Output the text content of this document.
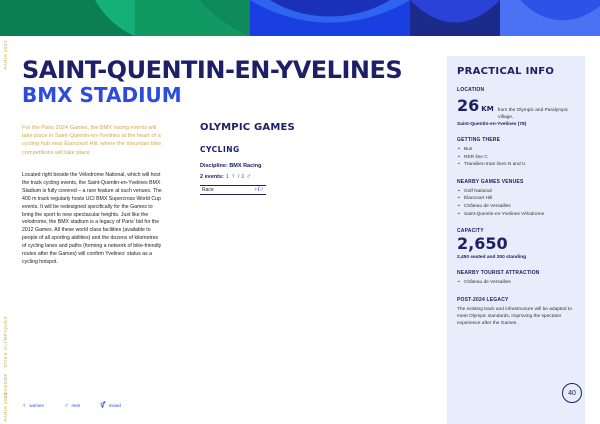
PARIS 2024
LÉGENDE · SITES OLYMPIQUES
PARIS 2024
SAINT-QUENTIN-EN-YVELINES
BMX STADIUM

For the Paris 2024 Games, the BMX racing events will take place in Saint-Quentin-en-Yvelines at the heart of a cycling hub near Élancourt Hill, where the mountain bike competitions will take place.

Located right beside the Vélodrome National, which will host the track cycling events, the Saint-Quentin-en-Yvelines BMX Stadium is fully covered – a rare feature at such venues. The 400 m track regularly hosts UCI BMX Supercross World Cup events. It will be redesigned specifically for the Games to bring the sport to new spectacular heights. Just like the velodrome, the BMX stadium is a legacy of Paris' bid for the 2012 Games. All these world class facilities (available to people of all sporting abilities) and the dozens of kilometres of cycling lanes and paths (forming a network of bike-friendly routes after the Games) will confirm Yvelines' status as a cycling hotspot.

OLYMPIC GAMES
CYCLING
Discipline: BMX Racing
2 events: 1 ♀ / 1 ♂
Race	♀/♂
♀ women	♂ men	⚥ mixed
PRACTICAL INFO
LOCATION
26 KM from the Olympic and Paralympic Village,
Saint-Quentin-en-Yvelines (78)
GETTING THERE
• Bus
• RER line C
• Transilien train lines N and U
NEARBY GAMES VENUES
• Golf National
• Élancourt Hill
• Château de Versailles
• Saint-Quentin-en-Yvelines Vélodrome
CAPACITY
2,650
2,450 seated and 200 standing
NEARBY TOURIST ATTRACTION
• Château de Versailles
POST-2024 LEGACY

The existing track and infrastructure will be adapted to meet Olympic standards, improving the spectator experience after the Games.

40
